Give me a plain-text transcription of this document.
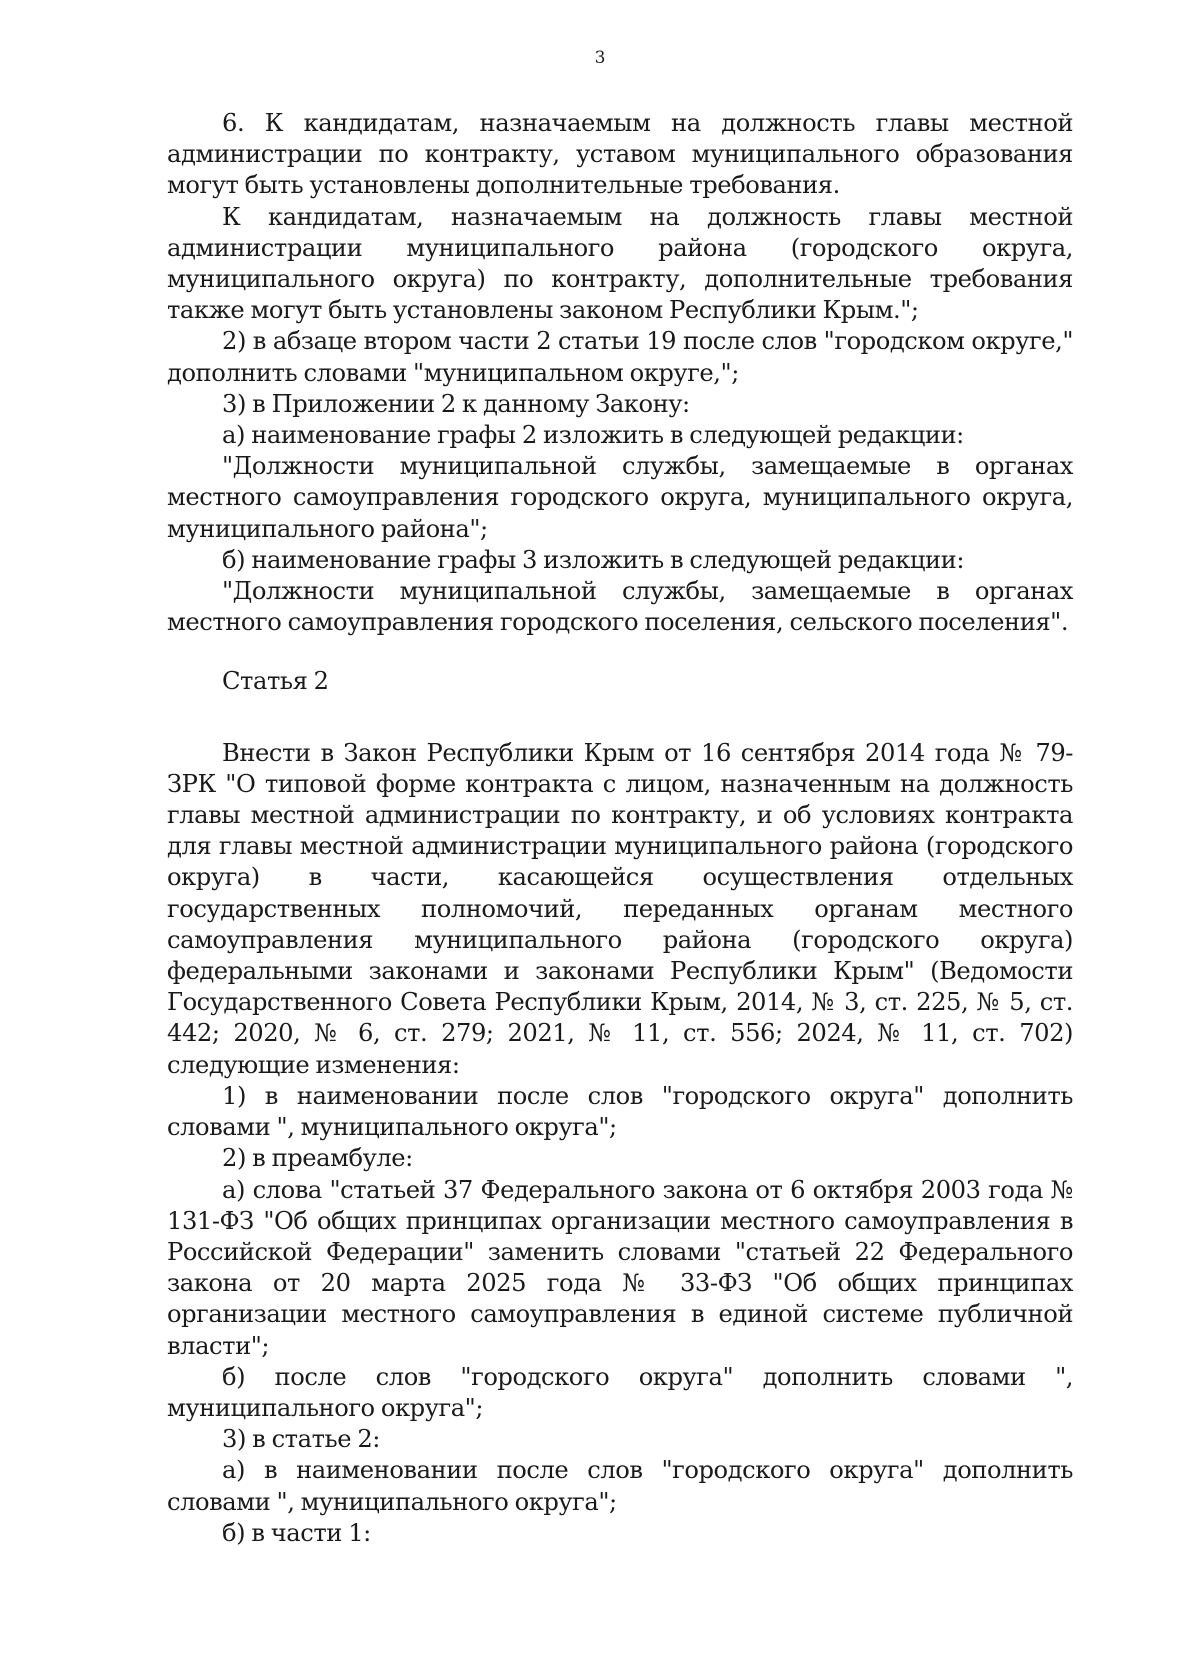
3

6. К кандидатам, назначаемым на должность главы местной администрации по контракту, уставом муниципального образования могут быть установлены дополнительные требования.

К кандидатам, назначаемым на должность главы местной администрации муниципального района (городского округа, муниципального округа) по контракту, дополнительные требования также могут быть установлены законом Республики Крым.";

2) в абзаце втором части 2 статьи 19 после слов "городском округе," дополнить словами "муниципальном округе,";

3) в Приложении 2 к данному Закону:

а) наименование графы 2 изложить в следующей редакции:

"Должности муниципальной службы, замещаемые в органах местного самоуправления городского округа, муниципального округа, муниципального района";

б) наименование графы 3 изложить в следующей редакции:

"Должности муниципальной службы, замещаемые в органах местного самоуправления городского поселения, сельского поселения".

Статья 2

Внести в Закон Республики Крым от 16 сентября 2014 года № 79-ЗРК "О типовой форме контракта с лицом, назначенным на должность главы местной администрации по контракту, и об условиях контракта для главы местной администрации муниципального района (городского округа) в части, касающейся осуществления отдельных государственных полномочий, переданных органам местного самоуправления муниципального района (городского округа) федеральными законами и законами Республики Крым" (Ведомости Государственного Совета Республики Крым, 2014, № 3, ст. 225, № 5, ст. 442; 2020, № 6, ст. 279; 2021, № 11, ст. 556; 2024, № 11, ст. 702) следующие изменения:

1) в наименовании после слов "городского округа" дополнить словами ", муниципального округа";

2) в преамбуле:

а) слова "статьей 37 Федерального закона от 6 октября 2003 года № 131-ФЗ "Об общих принципах организации местного самоуправления в Российской Федерации" заменить словами "статьей 22 Федерального закона от 20 марта 2025 года № 33-ФЗ "Об общих принципах организации местного самоуправления в единой системе публичной власти";

б) после слов "городского округа" дополнить словами ", муниципального округа";

3) в статье 2:

а) в наименовании после слов "городского округа" дополнить словами ", муниципального округа";

б) в части 1:
